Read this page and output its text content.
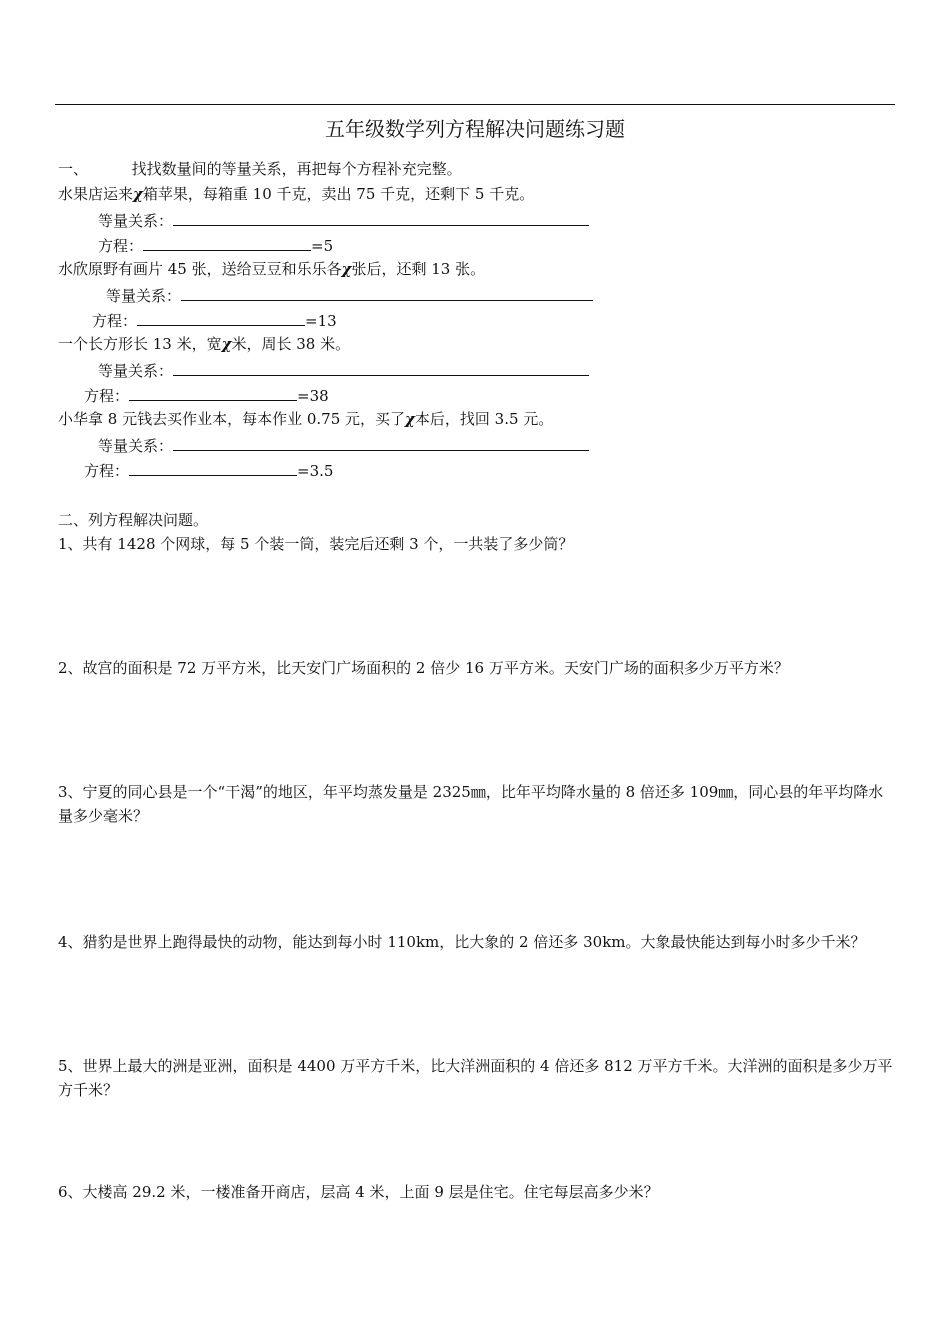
五年级数学列方程解决问题练习题
一、	找找数量间的等量关系，再把每个方程补充完整。
水果店运来χ箱苹果，每箱重 10 千克，卖出 75 千克，还剩下 5 千克。
等量关系：
方程：	=5
水欣原野有画片 45 张，送给豆豆和乐乐各χ张后，还剩 13 张。
等量关系：
方程：	=13
一个长方形长 13 米，宽χ米，周长 38 米。
等量关系：
方程：	=38
小华拿 8 元钱去买作业本，每本作业 0.75 元，买了χ本后，找回 3.5 元。
等量关系：
方程：	=3.5
二、列方程解决问题。
1、共有 1428 个网球，每 5 个装一筒，装完后还剩 3 个，一共装了多少筒？
2、故宫的面积是 72 万平方米，比天安门广场面积的 2 倍少 16 万平方米。天安门广场的面积多少万平方米？
3、宁夏的同心县是一个“干渴”的地区，年平均蒸发量是 2325㎜，比年平均降水量的 8 倍还多 109㎜，同心县的年平均降水量多少毫米？
4、猎豹是世界上跑得最快的动物，能达到每小时 110km，比大象的 2 倍还多 30km。大象最快能达到每小时多少千米？
5、世界上最大的洲是亚洲，面积是 4400 万平方千米，比大洋洲面积的 4 倍还多 812 万平方千米。大洋洲的面积是多少万平方千米？
6、大楼高 29.2 米，一楼准备开商店，层高 4 米，上面 9 层是住宅。住宅每层高多少米？
